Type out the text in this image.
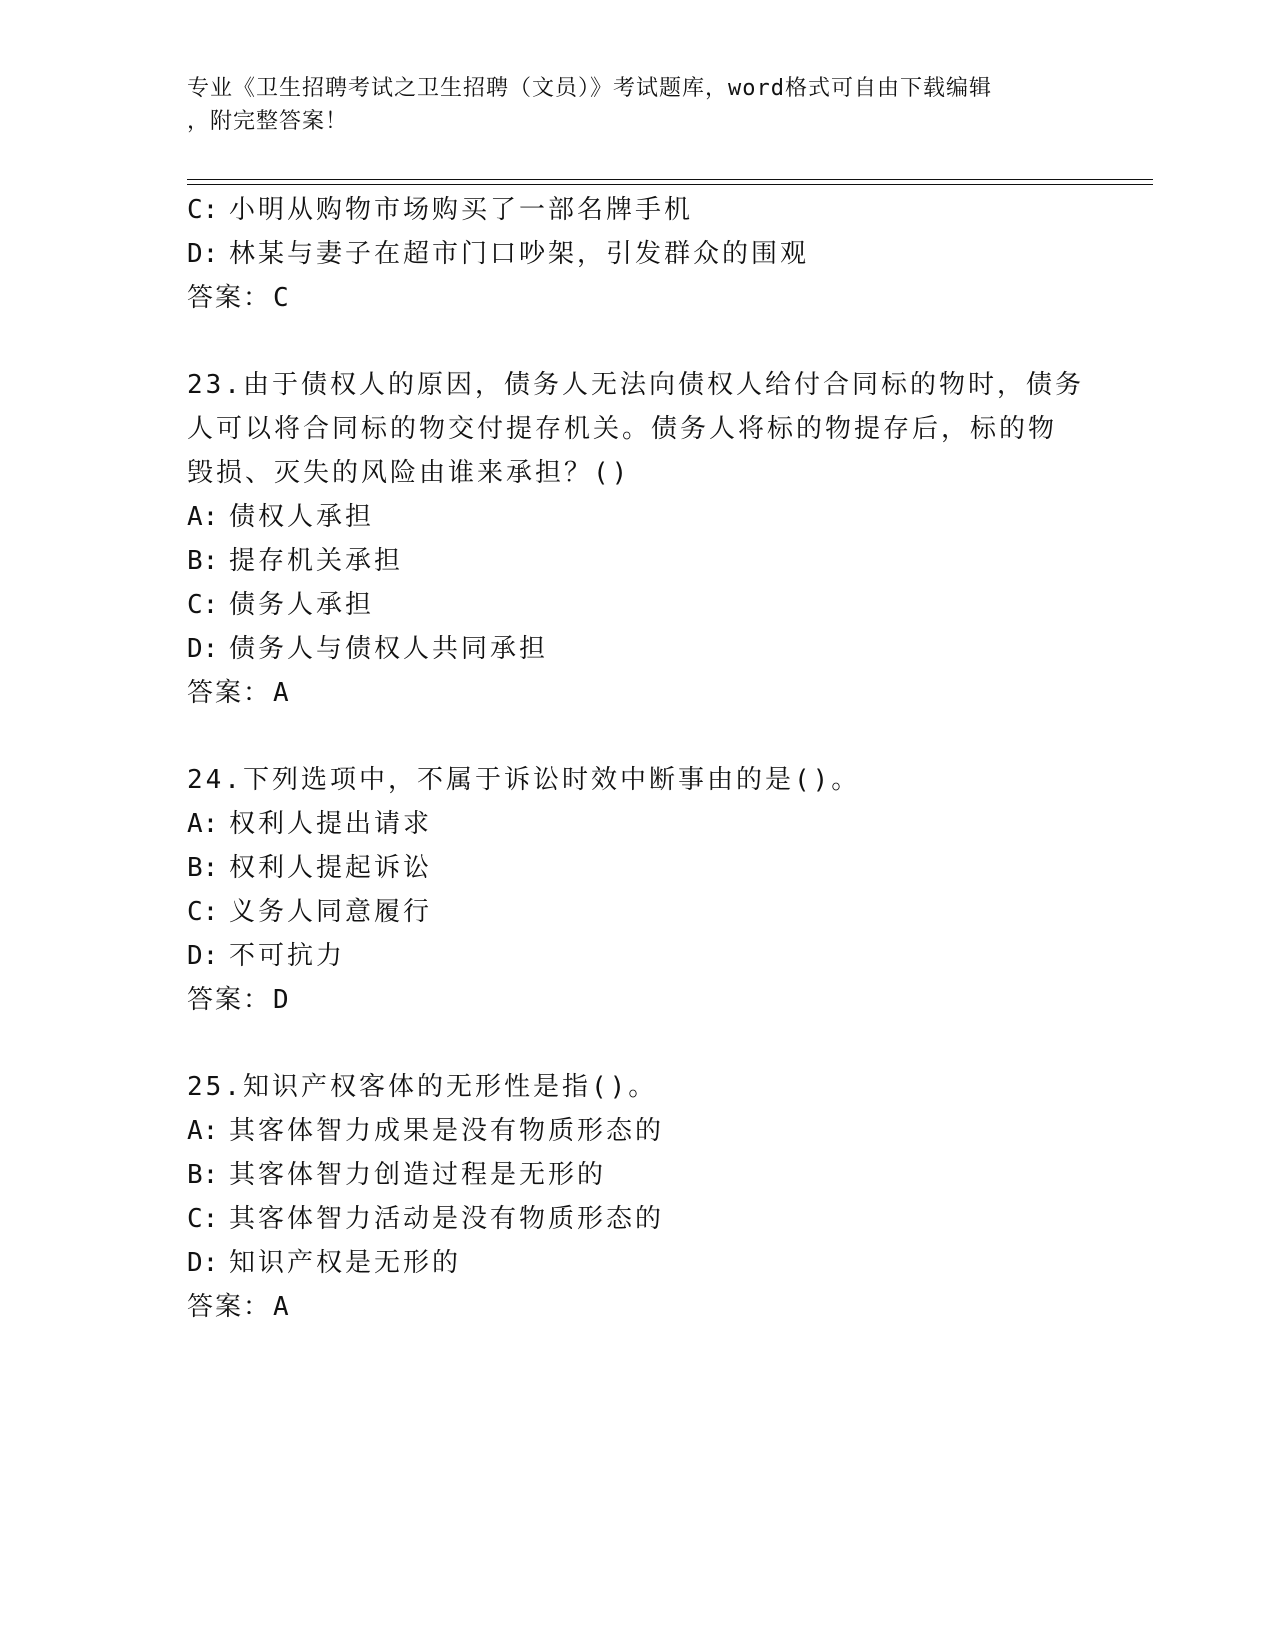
专业《卫生招聘考试之卫生招聘（文员）》考试题库，word格式可自由下载编辑
，附完整答案！
C: 小明从购物市场购买了一部名牌手机
D: 林某与妻子在超市门口吵架，引发群众的围观
答案：C
23.由于债权人的原因，债务人无法向债权人给付合同标的物时，债务
人可以将合同标的物交付提存机关。债务人将标的物提存后，标的物
毁损、灭失的风险由谁来承担？()
A: 债权人承担
B: 提存机关承担
C: 债务人承担
D: 债务人与债权人共同承担
答案：A
24.下列选项中，不属于诉讼时效中断事由的是()。
A: 权利人提出请求
B: 权利人提起诉讼
C: 义务人同意履行
D: 不可抗力
答案：D
25.知识产权客体的无形性是指()。
A: 其客体智力成果是没有物质形态的
B: 其客体智力创造过程是无形的
C: 其客体智力活动是没有物质形态的
D: 知识产权是无形的
答案：A
